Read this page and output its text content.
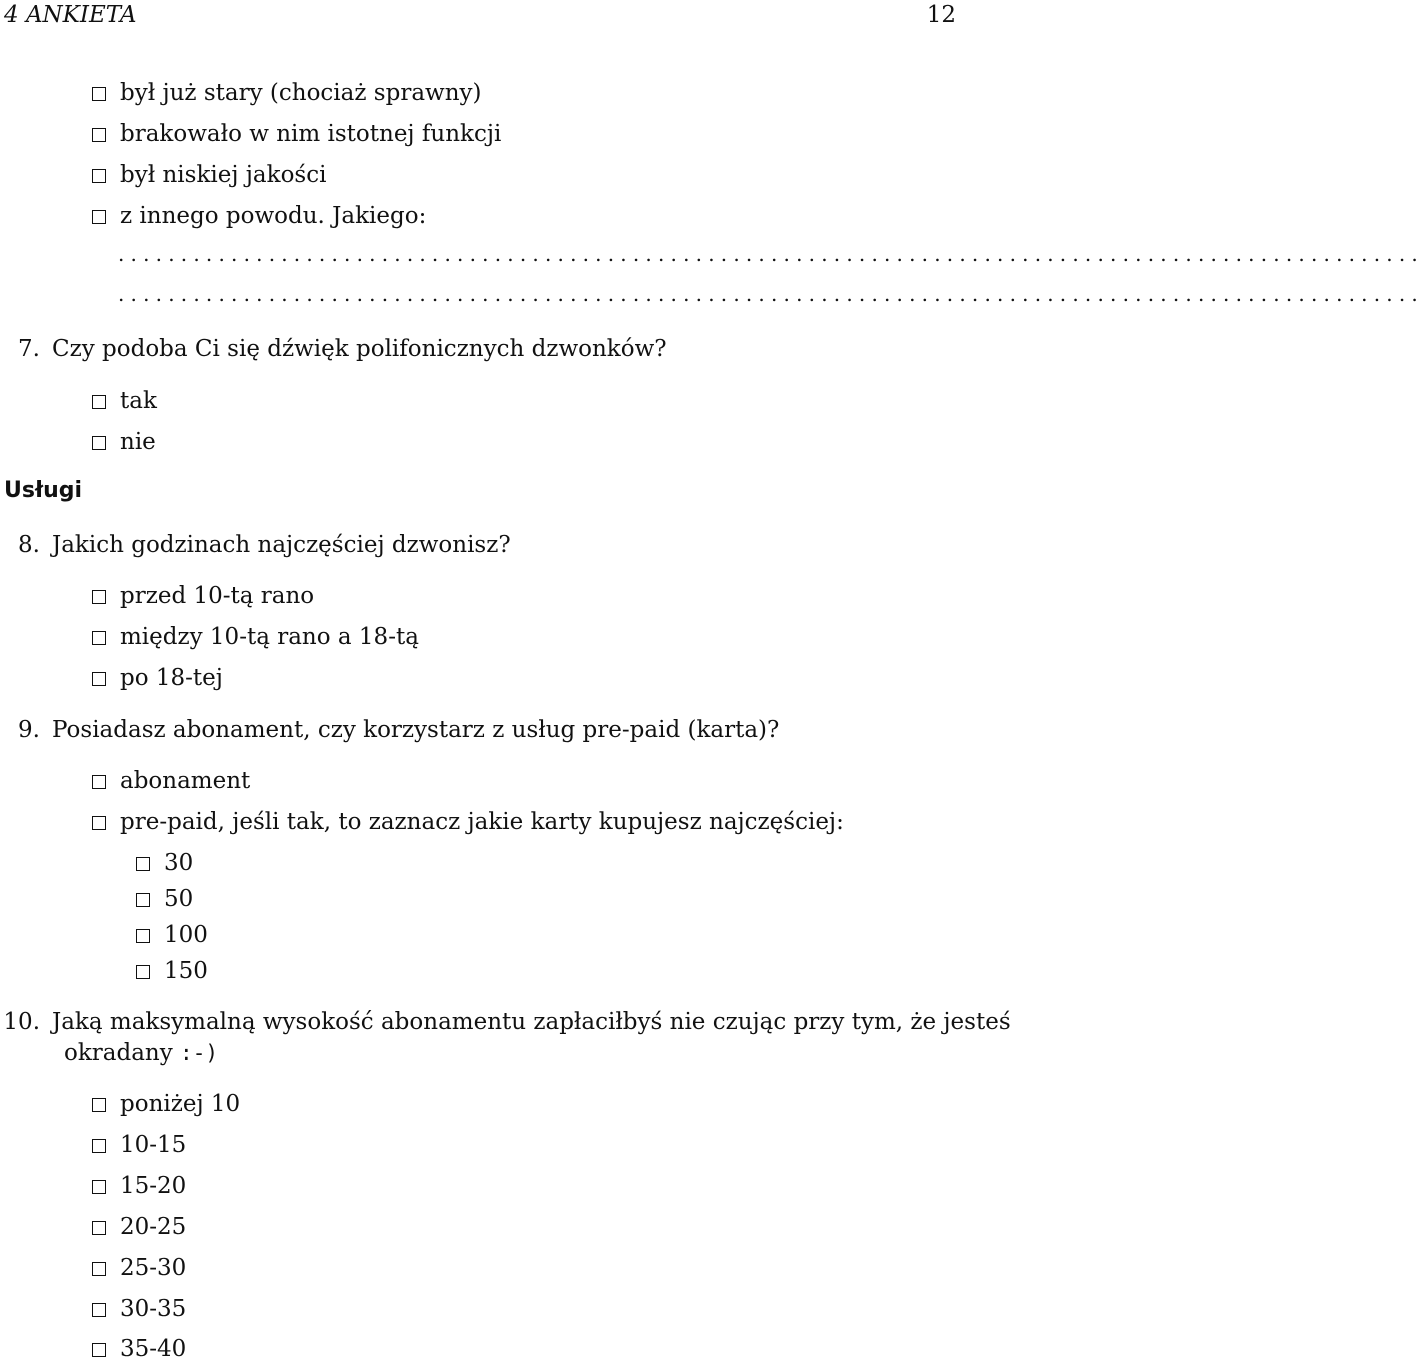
4 ANKIETA	12
był już stary (chociaż sprawny)
brakowało w nim istotnej funkcji
był niskiej jakości
z innego powodu. Jakiego:
........................................................................................................
........................................................................................................
7. Czy podoba Ci się dźwięk polifonicznych dzwonków?
tak
nie
Usługi
8. Jakich godzinach najczęściej dzwonisz?
przed 10-tą rano
między 10-tą rano a 18-tą
po 18-tej
9. Posiadasz abonament, czy korzystarz z usług pre-paid (karta)?
abonament
pre-paid, jeśli tak, to zaznacz jakie karty kupujesz najczęściej:
30
50
100
150
10. Jaką maksymalną wysokość abonamentu zapłaciłbyś nie czując przy tym, że jesteś
okradany :-)
poniżej 10
10-15
15-20
20-25
25-30
30-35
35-40
